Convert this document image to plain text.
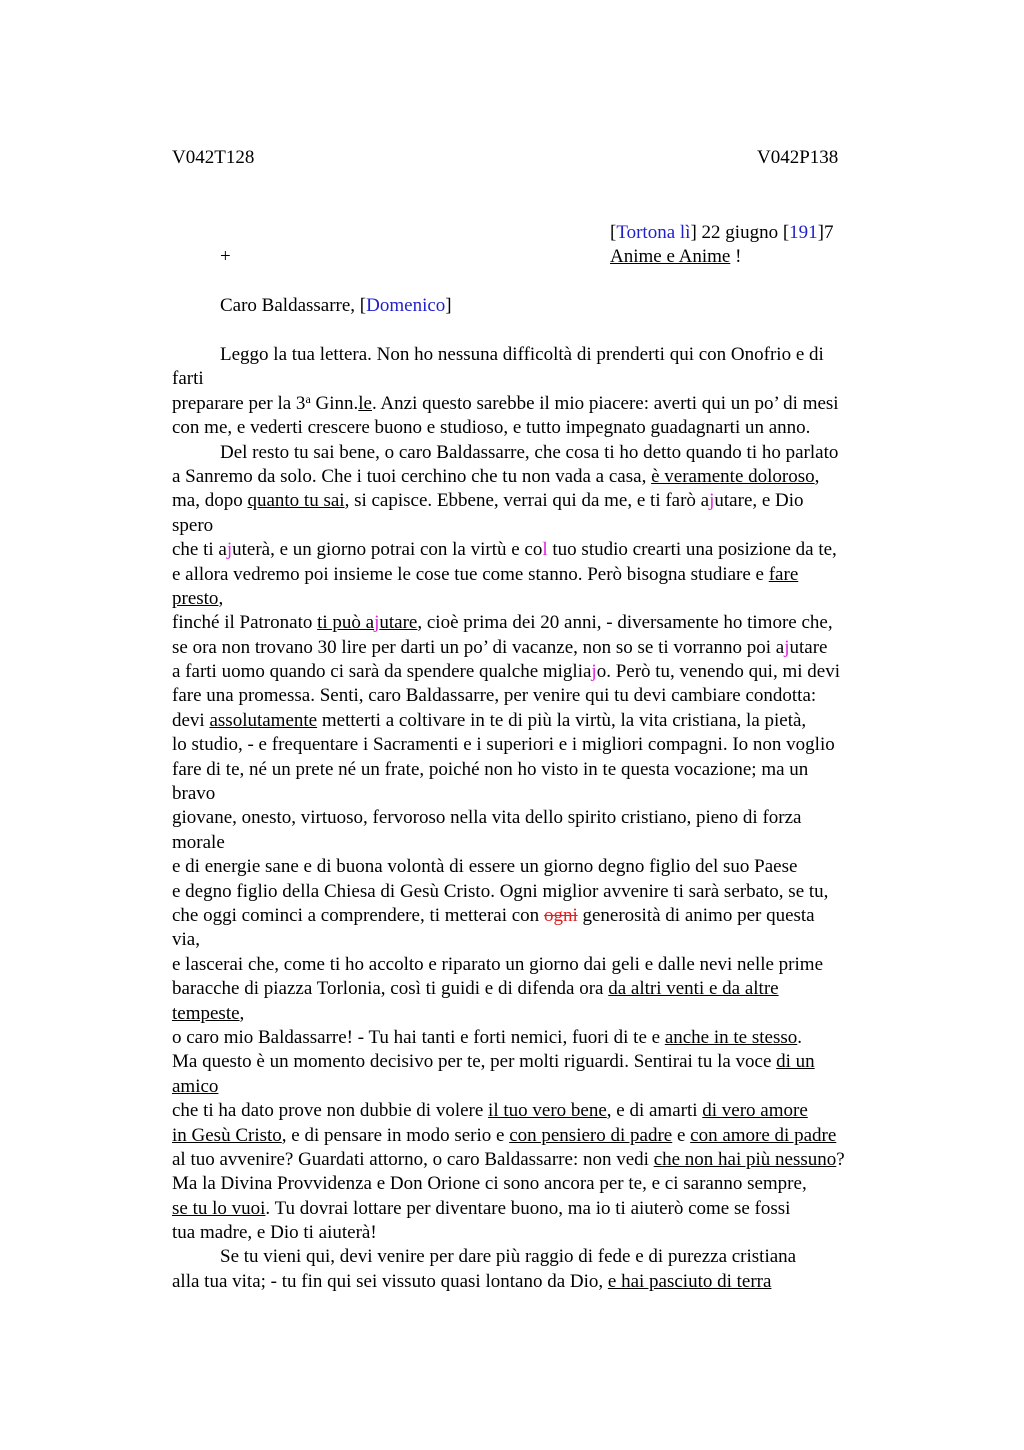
V042T128	V042P138
[Tortona lì] 22 giugno [191]7
+	Anime e Anime !
Caro Baldassarre, [Domenico]
Leggo la tua lettera. Non ho nessuna difficoltà di prenderti qui con Onofrio e di
farti
preparare per la 3$^a$ Ginn.le. Anzi questo sarebbe il mio piacere: averti qui un po’ di mesi
con me, e vederti crescere buono e studioso, e tutto impegnato guadagnarti un anno.
Del resto tu sai bene, o caro Baldassarre, che cosa ti ho detto quando ti ho parlato
a Sanremo da solo. Che i tuoi cerchino che tu non vada a casa, è veramente doloroso,
ma, dopo quanto tu sai, si capisce. Ebbene, verrai qui da me, e ti farò ajutare, e Dio
spero
che ti ajuterà, e un giorno potrai con la virtù e col tuo studio crearti una posizione da te,
e allora vedremo poi insieme le cose tue come stanno. Però bisogna studiare e fare
presto,
finché il Patronato ti può ajutare, cioè prima dei 20 anni, - diversamente ho timore che,
se ora non trovano 30 lire per darti un po’ di vacanze, non so se ti vorranno poi ajutare
a farti uomo quando ci sarà da spendere qualche migliajo. Però tu, venendo qui, mi devi
fare una promessa. Senti, caro Baldassarre, per venire qui tu devi cambiare condotta:
devi assolutamente metterti a coltivare in te di più la virtù, la vita cristiana, la pietà,
lo studio, - e frequentare i Sacramenti e i superiori e i migliori compagni. Io non voglio
fare di te, né un prete né un frate, poiché non ho visto in te questa vocazione; ma un
bravo
giovane, onesto, virtuoso, fervoroso nella vita dello spirito cristiano, pieno di forza
morale
e di energie sane e di buona volontà di essere un giorno degno figlio del suo Paese
e degno figlio della Chiesa di Gesù Cristo. Ogni miglior avvenire ti sarà serbato, se tu,
che oggi cominci a comprendere, ti metterai con ogni generosità di animo per questa
via,
e lascerai che, come ti ho accolto e riparato un giorno dai geli e dalle nevi nelle prime
baracche di piazza Torlonia, così ti guidi e di difenda ora da altri venti e da altre
tempeste,
o caro mio Baldassarre! - Tu hai tanti e forti nemici, fuori di te e anche in te stesso.
Ma questo è un momento decisivo per te, per molti riguardi. Sentirai tu la voce di un
amico
che ti ha dato prove non dubbie di volere il tuo vero bene, e di amarti di vero amore
in Gesù Cristo, e di pensare in modo serio e con pensiero di padre e con amore di padre
al tuo avvenire? Guardati attorno, o caro Baldassarre: non vedi che non hai più nessuno?
Ma la Divina Provvidenza e Don Orione ci sono ancora per te, e ci saranno sempre,
se tu lo vuoi. Tu dovrai lottare per diventare buono, ma io ti aiuterò come se fossi
tua madre, e Dio ti aiuterà!
Se tu vieni qui, devi venire per dare più raggio di fede e di purezza cristiana
alla tua vita; - tu fin qui sei vissuto quasi lontano da Dio, e hai pasciuto di terra
